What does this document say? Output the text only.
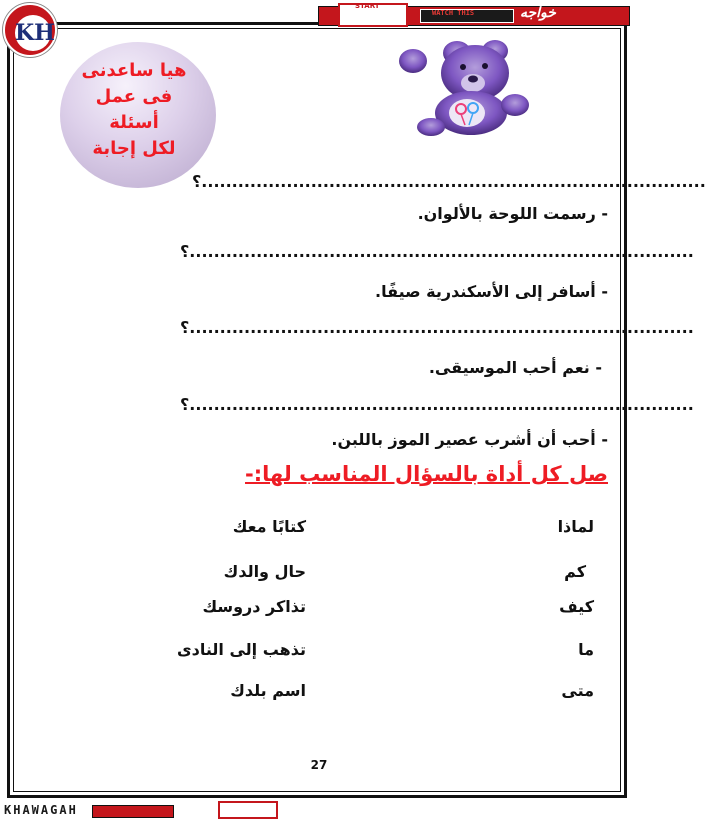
WATCH THIS
START	خواجه
KH
هيا ساعدنى
فى عمل أسئلة
لكل إجابة
؟...................................................................................
- رسمت اللوحة بالألوان.
؟...................................................................................
- أسافر إلى الأسكندرية صيفًا.
؟...................................................................................
- نعم أحب الموسيقى.
؟...................................................................................
- أحب أن أشرب عصير الموز باللبن.
صل كل أداة بالسؤال المناسب لها:-
لماذا
كم
كيف
ما
متى
كتابًا معك
حال والدك
تذاكر دروسك
تذهب إلى النادى
اسم بلدك
27
KHAWAGAH
